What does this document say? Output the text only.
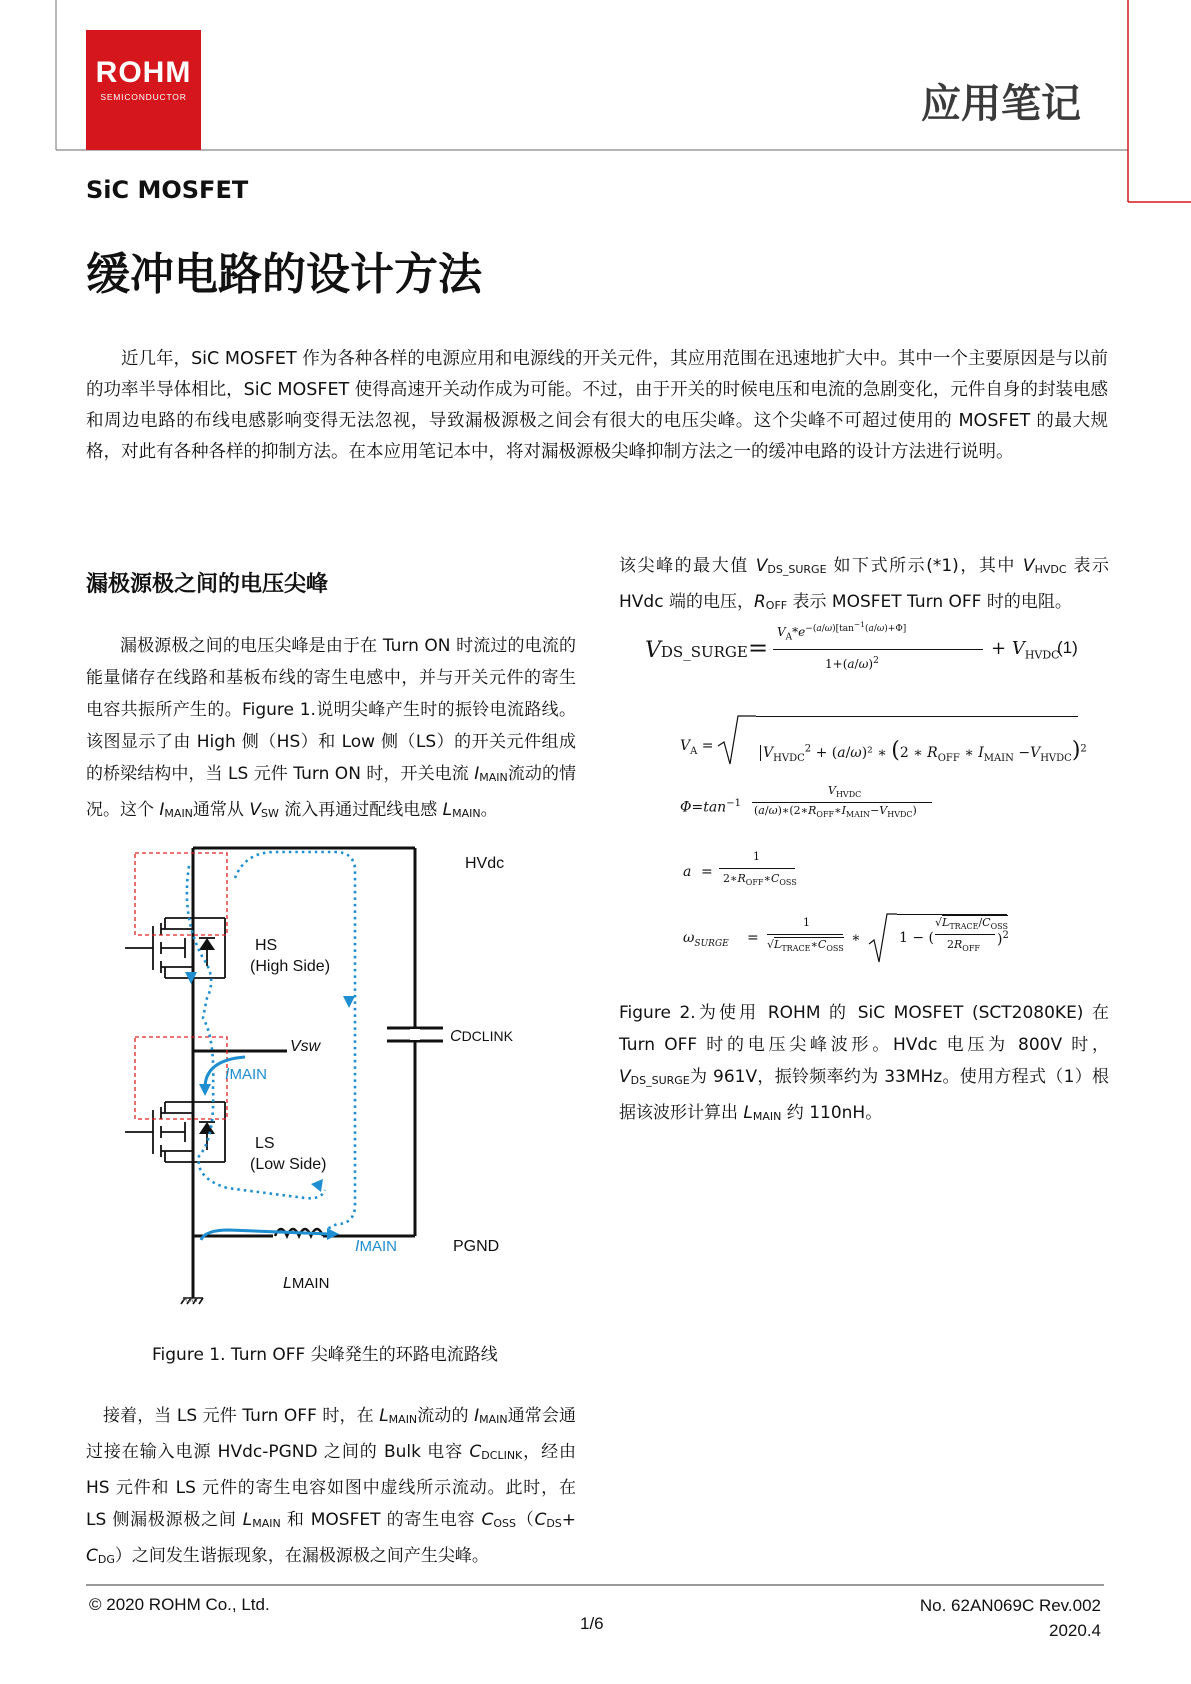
ROHM
SEMICONDUCTOR	应用笔记
SiC MOSFET
缓冲电路的设计方法
近几年，SiC MOSFET 作为各种各样的电源应用和电源线的开关元件，其应用范围在迅速地扩大中。其中一个主要原因是与以前的功率半导体相比，SiC MOSFET 使得高速开关动作成为可能。不过，由于开关的时候电压和电流的急剧变化，元件自身的封装电感和周边电路的布线电感影响变得无法忽视，导致漏极源极之间会有很大的电压尖峰。这个尖峰不可超过使用的 MOSFET 的最大规格，对此有各种各样的抑制方法。在本应用笔记本中，将对漏极源极尖峰抑制方法之一的缓冲电路的设计方法进行说明。
漏极源极之间的电压尖峰
漏极源极之间的电压尖峰是由于在 Turn ON 时流过的电流的能量储存在线路和基板布线的寄生电感中，并与开关元件的寄生电容共振所产生的。Figure 1.说明尖峰产生时的振铃电流路线。该图显示了由 High 侧（HS）和 Low 侧（LS）的开关元件组成的桥梁结构中，当 LS 元件 Turn ON 时，开关电流 IMAIN流动的情况。这个 IMAIN通常从 VSW 流入再通过配线电感 LMAIN。
HVdc
HS
(High Side)
Vsw
IMAIN
CDCLINK
LS
(Low Side)
IMAIN	PGND
LMAIN
PGND
Figure 1. Turn OFF 尖峰発生的环路电流路线
接着，当 LS 元件 Turn OFF 时，在 LMAIN流动的 IMAIN通常会通过接在输入电源 HVdc-PGND 之间的 Bulk 电容 CDCLINK，经由 HS 元件和 LS 元件的寄生电容如图中虚线所示流动。此时，在 LS 侧漏极源极之间 LMAIN 和 MOSFET 的寄生电容 COSS（CDS+ CDG）之间发生谐振现象，在漏极源极之间产生尖峰。
该尖峰的最大值 VDS_SURGE 如下式所示(*1)，其中 VHVDC 表示 HVdc 端的电压，ROFF 表示 MOSFET Turn OFF 时的电阻。
VDS_SURGE =
$V_A*e^{-(a/\omega)[tan^{-1}(a/\omega)+\Phi]}$
$1+(a/\omega)^2$
+ $V_{HVDC}$
(1)
$V_A$ =	$V_{HVDC}^2 + (a/\omega)^2$ ∗ (2 ∗ $R_{OFF}$ ∗ $I_{MAIN} -V_{HVDC})^2$
$\Phi=\tan^{-1}$
$V_{HVDC}$
$(a/\omega)∗(2∗R_{OFF}∗I_{MAIN}-V_{HVDC})$
a =
1
$2∗R_{OFF}∗C_{OSS}$
$\omega_{SURGE}$ =
1
$√L_{TRACE}∗C_{OSS}$
∗	1 − (
$√L_{TRACE}/C_{OSS}$
$2R_{OFF}$
)$^2$
Figure 2.为使用 ROHM 的 SiC MOSFET (SCT2080KE) 在 Turn OFF 时的电压尖峰波形。HVdc 电压为 800V 时，VDS_SURGE为 961V，振铃频率约为 33MHz。使用方程式（1）根据该波形计算出 LMAIN 约 110nH。
© 2020 ROHM Co., Ltd.
1/6
No. 62AN069C Rev.002
2020.4
